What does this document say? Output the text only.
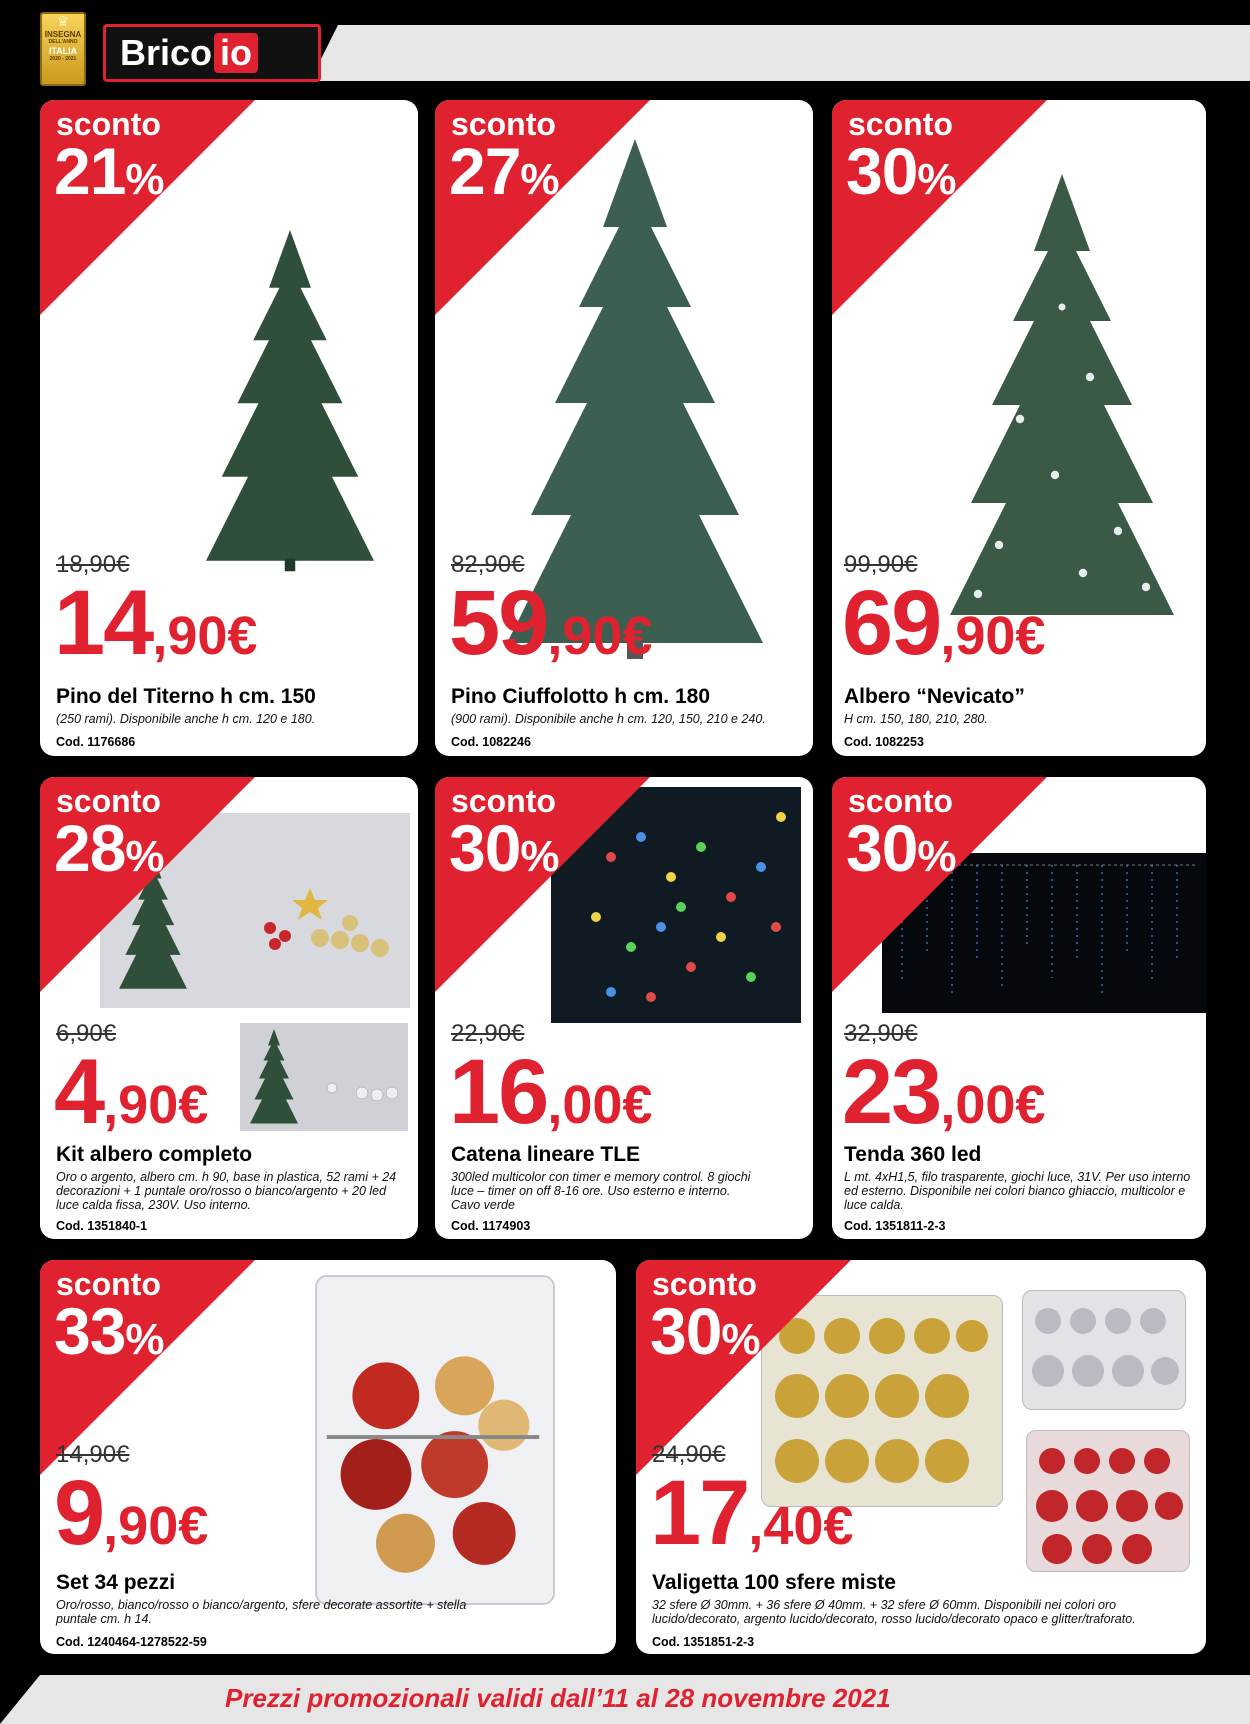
♛
INSEGNA
DELL'ANNO
ITALIA
2020 - 2021	Brico io
sconto
21%
18,90€
14,90€
Pino del Titerno h cm. 150
(250 rami). Disponibile anche h cm. 120 e 180.
Cod. 1176686
sconto
27%
82,90€
59,90€
Pino Ciuffolotto h cm. 180
(900 rami). Disponibile anche h cm. 120, 150, 210 e 240.
Cod. 1082246
sconto
30%
99,90€
69,90€
Albero “Nevicato”
H cm. 150, 180, 210, 280.
Cod. 1082253
sconto
28%
6,90€
4,90€
Kit albero completo
Oro o argento, albero cm. h 90, base in plastica, 52 rami + 24 decorazioni + 1 puntale oro/rosso o bianco/argento + 20 led luce calda fissa, 230V. Uso interno.
Cod. 1351840-1
sconto
30%
22,90€
16,00€
Catena lineare TLE
300led multicolor con timer e memory control. 8 giochi luce – timer on off 8-16 ore. Uso esterno e interno. Cavo verde
Cod. 1174903
sconto
30%
32,90€
23,00€
Tenda 360 led
L mt. 4xH1,5, filo trasparente, giochi luce, 31V. Per uso interno ed esterno. Disponibile nei colori bianco ghiaccio, multicolor e luce calda.
Cod. 1351811-2-3
sconto
33%
14,90€
9,90€
Set 34 pezzi
Oro/rosso, bianco/rosso o bianco/argento, sfere decorate assortite + stella puntale cm. h 14.
Cod. 1240464-1278522-59
sconto
30%
24,90€
17,40€
Valigetta 100 sfere miste
32 sfere Ø 30mm. + 36 sfere Ø 40mm. + 32 sfere Ø 60mm. Disponibili nei colori oro lucido/decorato, argento lucido/decorato, rosso lucido/decorato opaco e glitter/traforato.
Cod. 1351851-2-3
Prezzi promozionali validi dall’11 al 28 novembre 2021
